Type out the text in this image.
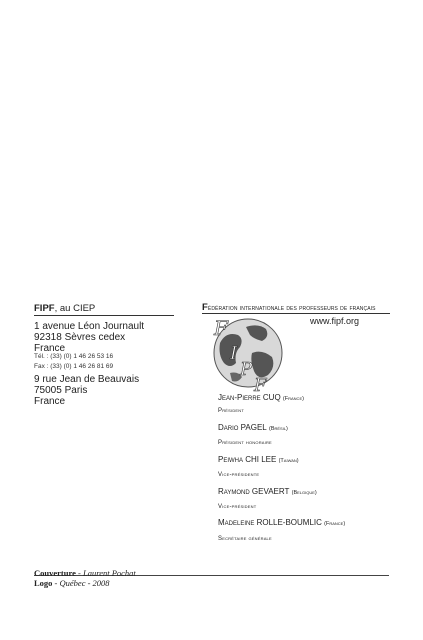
FIPF, au CIEP
1 avenue Léon Journault
92318 Sèvres cedex
France
Tél. : (33) (0) 1 46 26 53 16
Fax : (33) (0) 1 46 26 81 69
9 rue Jean de Beauvais
75005 Paris
France
Fédération internationale des professeurs de français
www.fipf.org
F
I
P
F
Jean-Pierre CUQ (France)
Président
Dario PAGEL (Brésil)
Président honoraire
Peiwha CHI LEE (Taiwan)
Vice-présidente
Raymond GEVAERT (Belgique)
Vice-président
Madeleine ROLLE-BOUMLIC (France)
Secrétaire générale
Couverture - Laurent Pochat
Logo - Québec - 2008
